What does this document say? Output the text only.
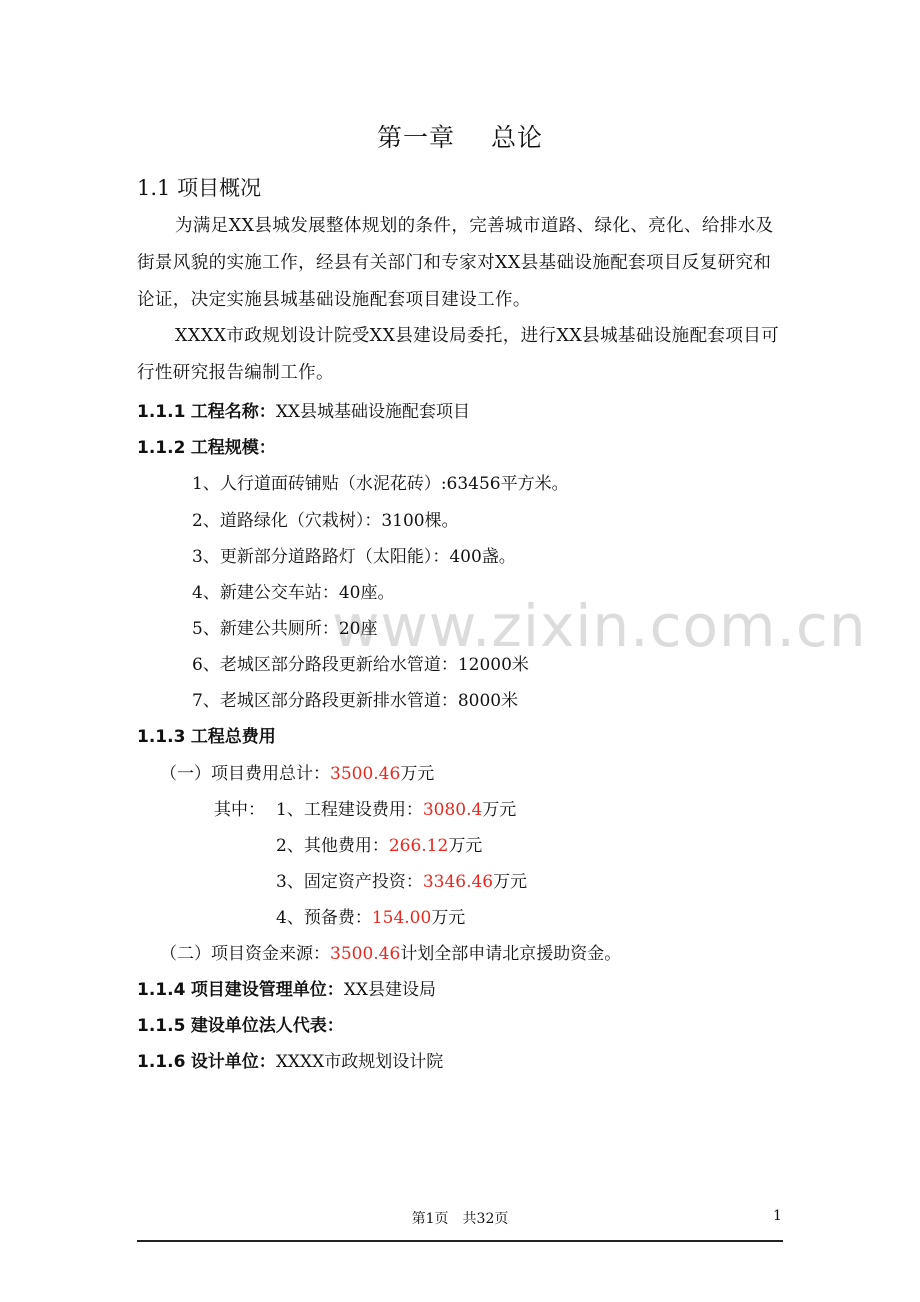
www.zixin.com.cn
第一章 总论
1.1 项目概况
为满足XX县城发展整体规划的条件，完善城市道路、绿化、亮化、给排水及街景风貌的实施工作，经县有关部门和专家对XX县基础设施配套项目反复研究和论证，决定实施县城基础设施配套项目建设工作。
XXXX市政规划设计院受XX县建设局委托，进行XX县城基础设施配套项目可行性研究报告编制工作。
1.1.1 工程名称：XX县城基础设施配套项目
1.1.2 工程规模：
1、人行道面砖铺贴（水泥花砖）:63456平方米。
2、道路绿化（穴栽树）：3100棵。
3、更新部分道路路灯（太阳能）：400盏。
4、新建公交车站：40座。
5、新建公共厕所：20座
6、老城区部分路段更新给水管道：12000米
7、老城区部分路段更新排水管道：8000米
1.1.3 工程总费用
（一）项目费用总计：3500.46万元
其中： 1、工程建设费用：3080.4万元
2、其他费用：266.12万元
3、固定资产投资：3346.46万元
4、预备费：154.00万元
（二）项目资金来源：3500.46计划全部申请北京援助资金。
1.1.4 项目建设管理单位：XX县建设局
1.1.5 建设单位法人代表：
1.1.6 设计单位：XXXX市政规划设计院
第1页　共32页	1
